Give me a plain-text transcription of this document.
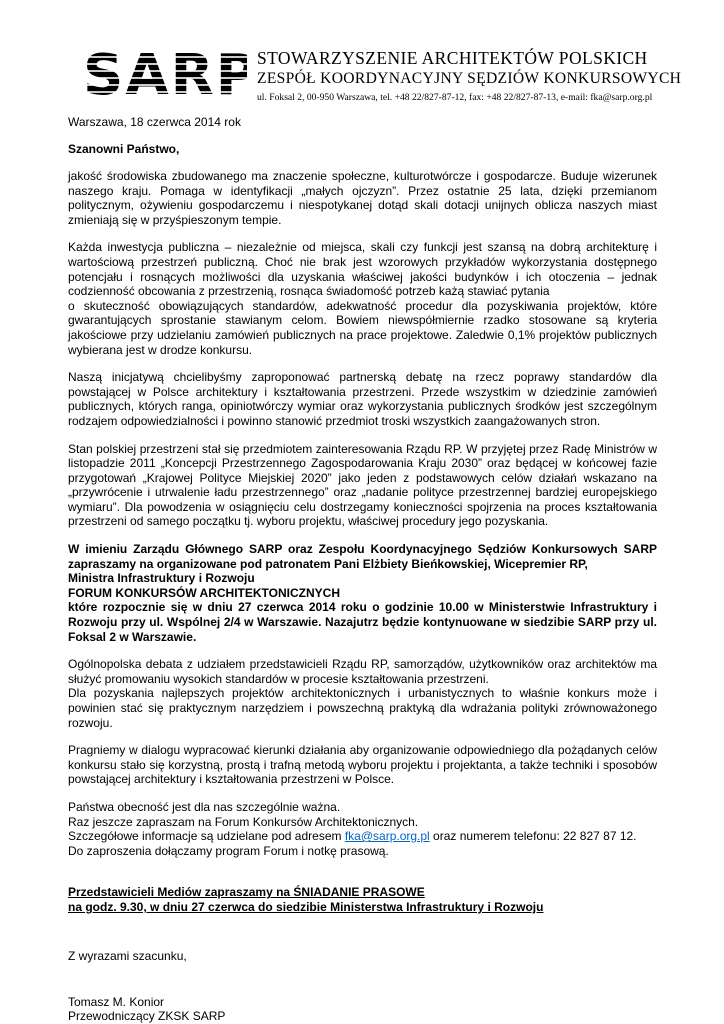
SARP
STOWARZYSZENIE ARCHITEKTÓW POLSKICH
ZESPÓŁ KOORDYNACYJNY SĘDZIÓW KONKURSOWYCH
ul. Foksal 2, 00-950 Warszawa, tel. +48 22/827-87-12, fax: +48 22/827-87-13, e-mail: fka@sarp.org.pl
Warszawa, 18 czerwca 2014 rok
Szanowni Państwo,

jakość środowiska zbudowanego ma znaczenie społeczne, kulturotwórcze i gospodarcze. Buduje wizerunek naszego kraju. Pomaga w identyfikacji „małych ojczyzn”. Przez ostatnie 25 lata, dzięki przemianom politycznym, ożywieniu gospodarczemu i niespotykanej dotąd skali dotacji unijnych oblicza naszych miast zmieniają się w przyśpieszonym tempie.

Każda inwestycja publiczna – niezależnie od miejsca, skali czy funkcji jest szansą na dobrą architekturę i wartościową przestrzeń publiczną. Choć nie brak jest wzorowych przykładów wykorzystania dostępnego potencjału i rosnących możliwości dla uzyskania właściwej jakości budynków i ich otoczenia – jednak codzienność obcowania z przestrzenią, rosnąca świadomość potrzeb każą stawiać pytania
o skuteczność obowiązujących standardów, adekwatność procedur dla pozyskiwania projektów, które gwarantujących sprostanie stawianym celom. Bowiem niewspółmiernie rzadko stosowane są kryteria jakościowe przy udzielaniu zamówień publicznych na prace projektowe. Zaledwie 0,1% projektów publicznych wybierana jest w drodze konkursu.

Naszą inicjatywą chcielibyśmy zaproponować partnerską debatę na rzecz poprawy standardów dla powstającej w Polsce architektury i kształtowania przestrzeni. Przede wszystkim w dziedzinie zamówień publicznych, których ranga, opiniotwórczy wymiar oraz wykorzystania publicznych środków jest szczególnym rodzajem odpowiedzialności i powinno stanowić przedmiot troski wszystkich zaangażowanych stron.

Stan polskiej przestrzeni stał się przedmiotem zainteresowania Rządu RP. W przyjętej przez Radę Ministrów w listopadzie 2011 „Koncepcji Przestrzennego Zagospodarowania Kraju 2030” oraz będącej w końcowej fazie przygotowań „Krajowej Polityce Miejskiej 2020” jako jeden z podstawowych celów działań wskazano na „przywrócenie i utrwalenie ładu przestrzennego” oraz „nadanie polityce przestrzennej bardziej europejskiego wymiaru”. Dla powodzenia w osiągnięciu celu dostrzegamy konieczności spojrzenia na proces kształtowania przestrzeni od samego początku tj. wyboru projektu, właściwej procedury jego pozyskania.

W imieniu Zarządu Głównego SARP oraz Zespołu Koordynacyjnego Sędziów Konkursowych SARP zapraszamy na organizowane pod patronatem Pani Elżbiety Bieńkowskiej, Wicepremier RP,
Ministra Infrastruktury i Rozwoju
FORUM KONKURSÓW ARCHITEKTONICZNYCH
które rozpocznie się w dniu 27 czerwca 2014 roku o godzinie 10.00 w Ministerstwie Infrastruktury i Rozwoju przy ul. Wspólnej 2/4 w Warszawie. Nazajutrz będzie kontynuowane w siedzibie SARP przy ul. Foksal 2 w Warszawie.
Ogólnopolska debata z udziałem przedstawicieli Rządu RP, samorządów, użytkowników oraz architektów ma służyć promowaniu wysokich standardów w procesie kształtowania przestrzeni.
Dla pozyskania najlepszych projektów architektonicznych i urbanistycznych to właśnie konkurs może i powinien stać się praktycznym narzędziem i powszechną praktyką dla wdrażania polityki zrównoważonego rozwoju.

Pragniemy w dialogu wypracować kierunki działania aby organizowanie odpowiedniego dla pożądanych celów konkursu stało się korzystną, prostą i trafną metodą wyboru projektu i projektanta, a także techniki i sposobów powstającej architektury i kształtowania przestrzeni w Polsce.

Państwa obecność jest dla nas szczególnie ważna.
Raz jeszcze zapraszam na Forum Konkursów Architektonicznych.
Szczegółowe informacje są udzielane pod adresem fka@sarp.org.pl oraz numerem telefonu: 22 827 87 12.
Do zaproszenia dołączamy program Forum i notkę prasową.
Przedstawicieli Mediów zapraszamy na ŚNIADANIE PRASOWE
na godz. 9.30, w dniu 27 czerwca do siedzibie Ministerstwa Infrastruktury i Rozwoju
Z wyrazami szacunku,
Tomasz M. Konior
Przewodniczący ZKSK SARP
